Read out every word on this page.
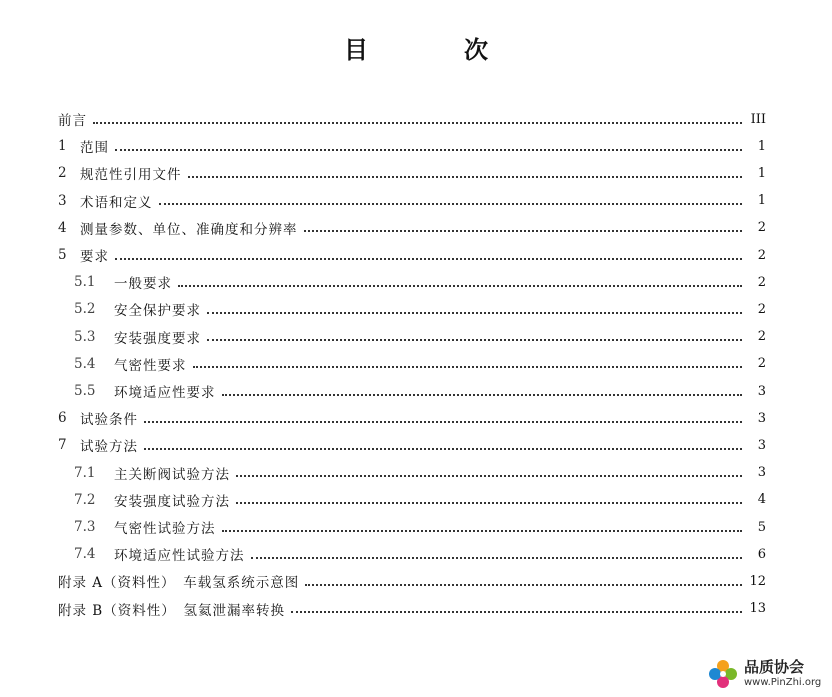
目　次
前言	III
1 范围	1
2 规范性引用文件	1
3 术语和定义	1
4 测量参数、单位、准确度和分辨率	2
5 要求	2
5.1	一般要求	2
5.2	安全保护要求	2
5.3	安装强度要求	2
5.4	气密性要求	2
5.5	环境适应性要求	3
6 试验条件	3
7 试验方法	3
7.1	主关断阀试验方法	3
7.2	安装强度试验方法	4
7.3	气密性试验方法	5
7.4	环境适应性试验方法	6
附录 A（资料性）　车载氢系统示意图	12
附录 B（资料性）　氢氦泄漏率转换	13
品质协会
www.PinZhi.org
